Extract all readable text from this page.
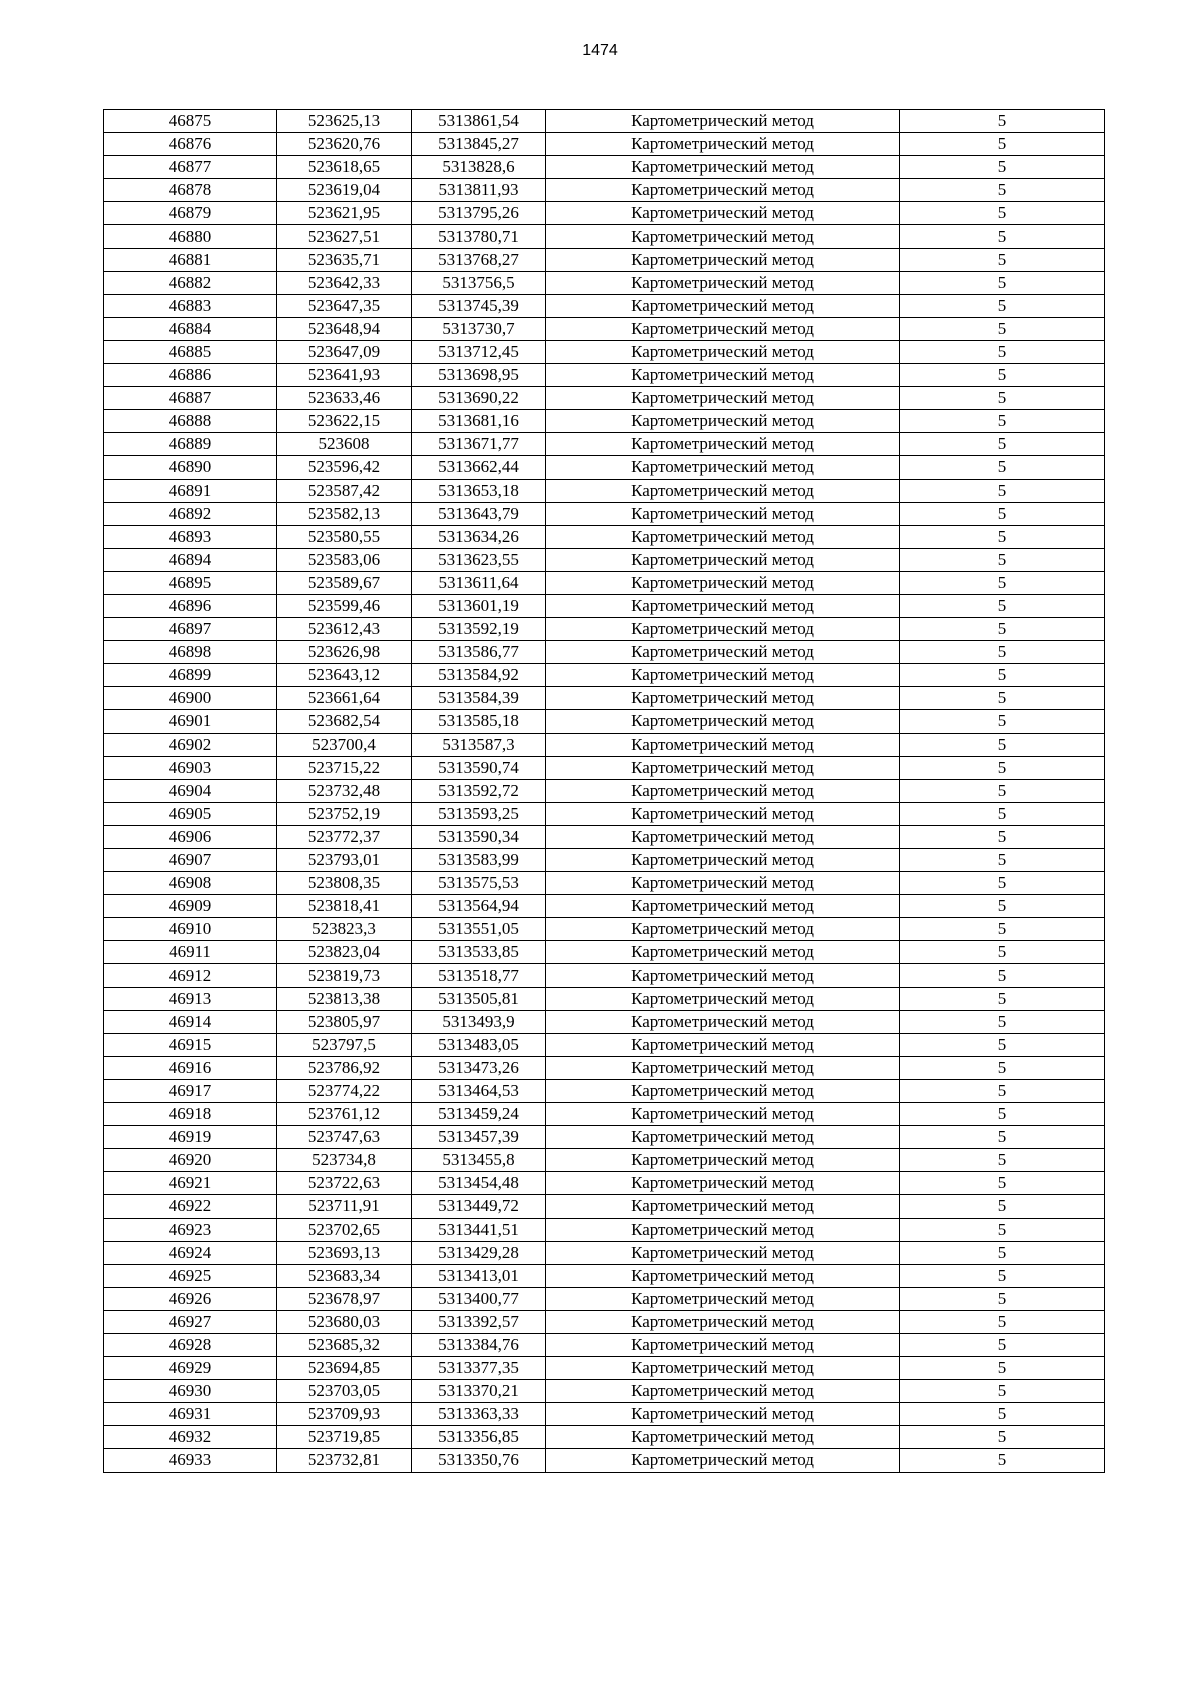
1474
46875	523625,13	5313861,54	Картометрический метод	5
46876	523620,76	5313845,27	Картометрический метод	5
46877	523618,65	5313828,6	Картометрический метод	5
46878	523619,04	5313811,93	Картометрический метод	5
46879	523621,95	5313795,26	Картометрический метод	5
46880	523627,51	5313780,71	Картометрический метод	5
46881	523635,71	5313768,27	Картометрический метод	5
46882	523642,33	5313756,5	Картометрический метод	5
46883	523647,35	5313745,39	Картометрический метод	5
46884	523648,94	5313730,7	Картометрический метод	5
46885	523647,09	5313712,45	Картометрический метод	5
46886	523641,93	5313698,95	Картометрический метод	5
46887	523633,46	5313690,22	Картометрический метод	5
46888	523622,15	5313681,16	Картометрический метод	5
46889	523608	5313671,77	Картометрический метод	5
46890	523596,42	5313662,44	Картометрический метод	5
46891	523587,42	5313653,18	Картометрический метод	5
46892	523582,13	5313643,79	Картометрический метод	5
46893	523580,55	5313634,26	Картометрический метод	5
46894	523583,06	5313623,55	Картометрический метод	5
46895	523589,67	5313611,64	Картометрический метод	5
46896	523599,46	5313601,19	Картометрический метод	5
46897	523612,43	5313592,19	Картометрический метод	5
46898	523626,98	5313586,77	Картометрический метод	5
46899	523643,12	5313584,92	Картометрический метод	5
46900	523661,64	5313584,39	Картометрический метод	5
46901	523682,54	5313585,18	Картометрический метод	5
46902	523700,4	5313587,3	Картометрический метод	5
46903	523715,22	5313590,74	Картометрический метод	5
46904	523732,48	5313592,72	Картометрический метод	5
46905	523752,19	5313593,25	Картометрический метод	5
46906	523772,37	5313590,34	Картометрический метод	5
46907	523793,01	5313583,99	Картометрический метод	5
46908	523808,35	5313575,53	Картометрический метод	5
46909	523818,41	5313564,94	Картометрический метод	5
46910	523823,3	5313551,05	Картометрический метод	5
46911	523823,04	5313533,85	Картометрический метод	5
46912	523819,73	5313518,77	Картометрический метод	5
46913	523813,38	5313505,81	Картометрический метод	5
46914	523805,97	5313493,9	Картометрический метод	5
46915	523797,5	5313483,05	Картометрический метод	5
46916	523786,92	5313473,26	Картометрический метод	5
46917	523774,22	5313464,53	Картометрический метод	5
46918	523761,12	5313459,24	Картометрический метод	5
46919	523747,63	5313457,39	Картометрический метод	5
46920	523734,8	5313455,8	Картометрический метод	5
46921	523722,63	5313454,48	Картометрический метод	5
46922	523711,91	5313449,72	Картометрический метод	5
46923	523702,65	5313441,51	Картометрический метод	5
46924	523693,13	5313429,28	Картометрический метод	5
46925	523683,34	5313413,01	Картометрический метод	5
46926	523678,97	5313400,77	Картометрический метод	5
46927	523680,03	5313392,57	Картометрический метод	5
46928	523685,32	5313384,76	Картометрический метод	5
46929	523694,85	5313377,35	Картометрический метод	5
46930	523703,05	5313370,21	Картометрический метод	5
46931	523709,93	5313363,33	Картометрический метод	5
46932	523719,85	5313356,85	Картометрический метод	5
46933	523732,81	5313350,76	Картометрический метод	5
